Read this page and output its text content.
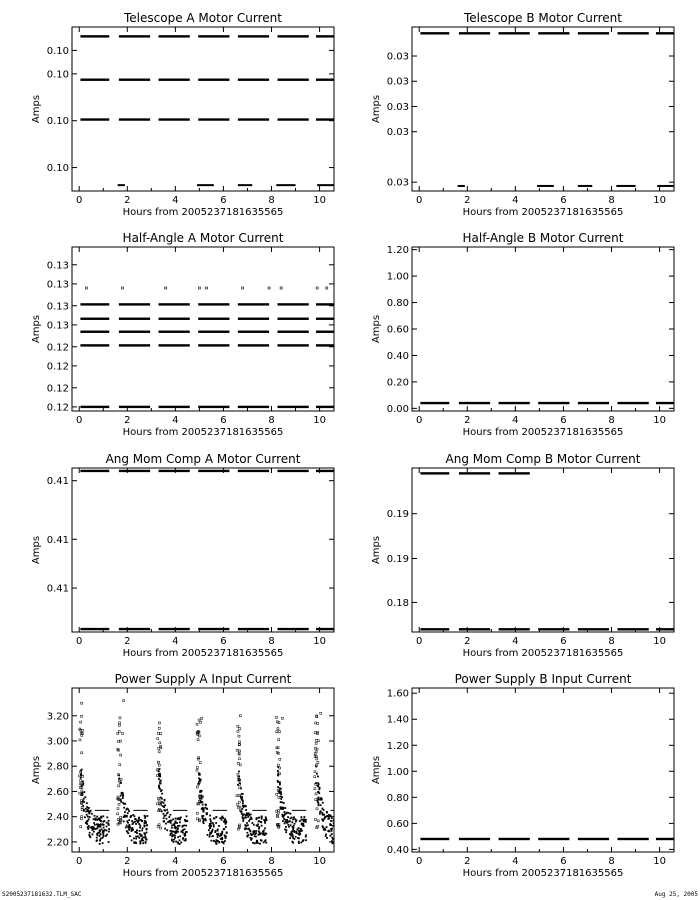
Telescope A Motor Current
0	2	4	6	8	10
Hours from 2005237181635565
0.10
0.10
0.10
0.10
Amps
Telescope B Motor Current
0	2	4	6	8	10
Hours from 2005237181635565
0.03
0.03
0.03
0.03
0.03
Amps
Half-Angle A Motor Current
0	2	4	6	8	10
Hours from 2005237181635565
0.12
0.12
0.12
0.12
0.13
0.13
0.13
0.13
Amps
Half-Angle B Motor Current
0	2	4	6	8	10
Hours from 2005237181635565
0.00
0.20
0.40
0.60
0.80
1.00
1.20
Amps
Ang Mom Comp A Motor Current
0	2	4	6	8	10
Hours from 2005237181635565
0.41
0.41
0.41
Amps
Ang Mom Comp B Motor Current
0	2	4	6	8	10
Hours from 2005237181635565
0.18
0.19
0.19
Amps
Power Supply A Input Current
0	2	4	6	8	10
Hours from 2005237181635565
2.20
2.40
2.60
2.80
3.00
3.20
Amps
Power Supply B Input Current
0	2	4	6	8	10
Hours from 2005237181635565
0.40
0.60
0.80
1.00
1.20
1.40
1.60
Amps
S2005237181632.TLM_SAC	Aug 25, 2005
